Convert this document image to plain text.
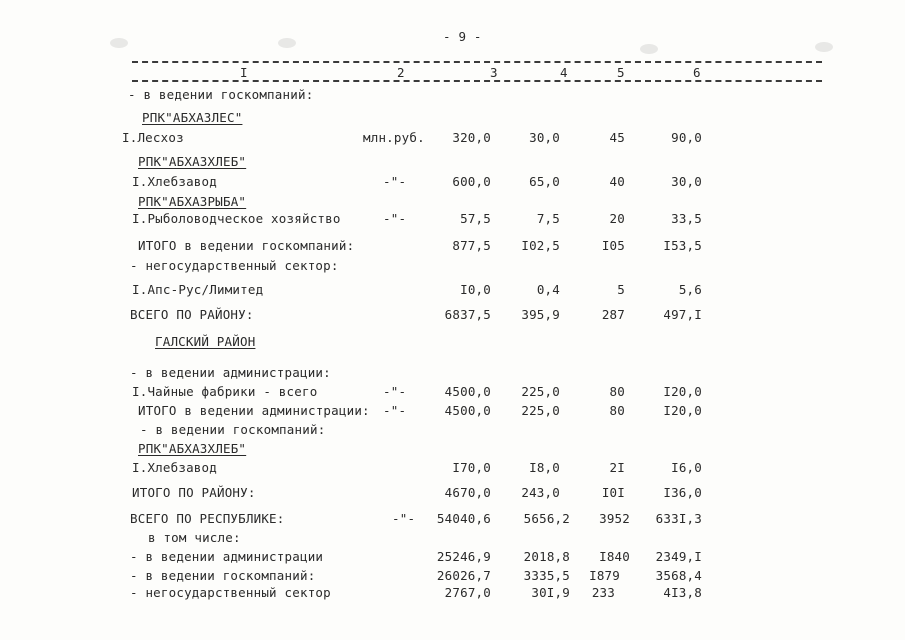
- 9 -
I	2	3	4	5	6
- в ведении госкомпаний:
РПК"АБХАЗЛЕС"
I.Лесхоз	млн.руб. 320,0	30,0	45	90,0
РПК"АБХАЗХЛЕБ"
I.Хлебзавод	-"-	600,0	65,0	40	30,0
РПК"АБХАЗРЫБА"
I.Рыболоводческое хозяйство	-"-	57,5	7,5	20	33,5
ИТОГО в ведении госкомпаний:	877,5 I02,5	I05	I53,5
- негосударственный сектор:
I.Апс-Рус/Лимитед	I0,0	0,4	5	5,6
ВСЕГО ПО РАЙОНУ:	6837,5 395,9	287	497,I
ГАЛСКИЙ РАЙОН
- в ведении администрации:
I.Чайные фабрики - всего	-"-	4500,0 225,0	80	I20,0
ИТОГО в ведении администрации: -"-	4500,0 225,0	80	I20,0
- в ведении госкомпаний:
РПК"АБХАЗХЛЕБ"
I.Хлебзавод	I70,0	I8,0	2I	I6,0
ИТОГО ПО РАЙОНУ:	4670,0 243,0	I0I	I36,0
ВСЕГО ПО РЕСПУБЛИКЕ:	-"- 54040,6	5656,2 3952 633I,3
в том числе:
- в ведении администрации	25246,9	2018,8 I840 2349,I
- в ведении госкомпаний:	26026,7	3335,5 I879	3568,4
- негосударственный сектор	2767,0	30I,9 233	4I3,8
